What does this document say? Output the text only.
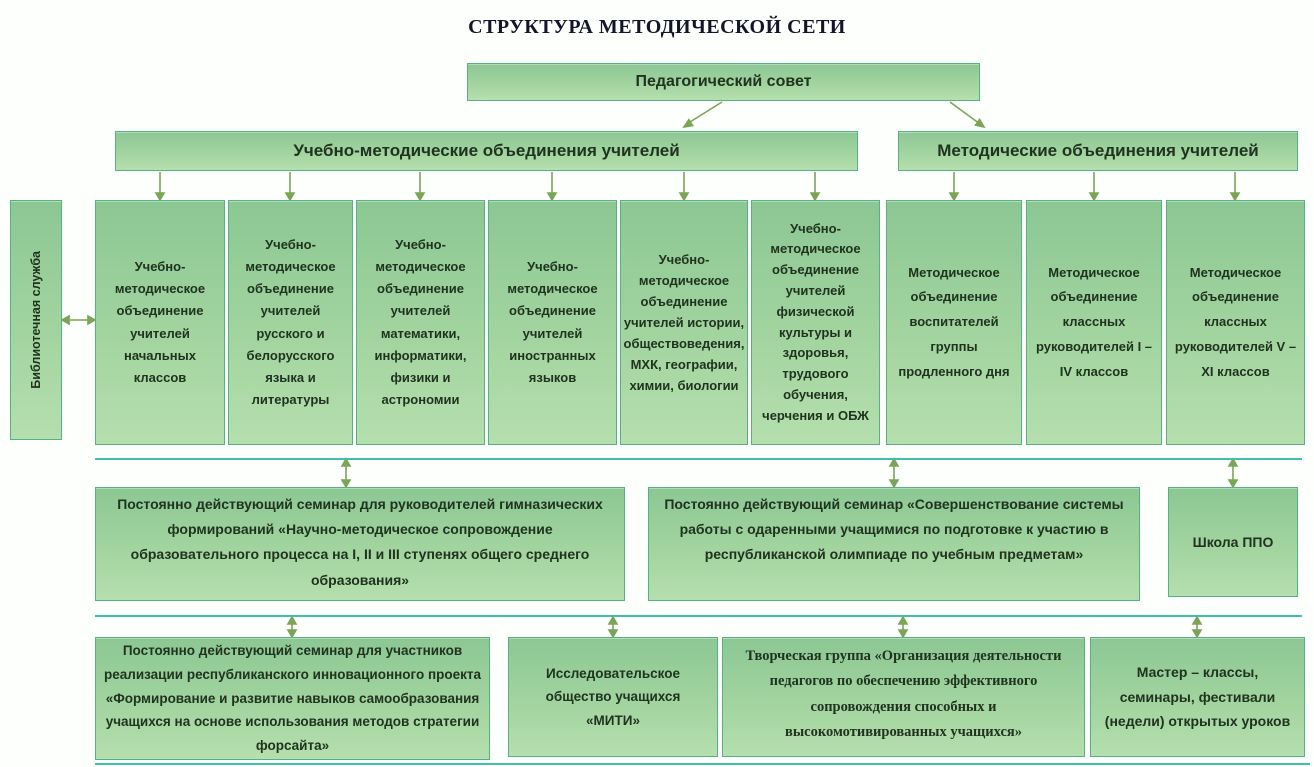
СТРУКТУРА МЕТОДИЧЕСКОЙ СЕТИ
Педагогический совет
Учебно-методические объединения учителей	Методические объединения учителей
Библиотечная служба	Учебно-методическое объединение учителей начальных классов
Учебно-методическое объединение учителей русского и белорусского языка и литературы
Учебно-методическое объединение учителей математики, информатики, физики и астрономии
Учебно-методическое объединение учителей иностранных языков
Учебно-методическое объединение учителей истории, обществоведения, МХК, географии, химии, биологии
Учебно-методическое объединение учителей физической культуры и здоровья, трудового обучения, черчения и ОБЖ
Методическое объединение воспитателей группы продленного дня
Методическое объединение классных руководителей I – IV классов
Методическое объединение классных руководителей V – XI классов
Постоянно действующий семинар для руководителей гимназических формирований «Научно-методическое сопровождение образовательного процесса на I, II и III ступенях общего среднего образования»
Постоянно действующий семинар «Совершенствование системы работы с одаренными учащимися по подготовке к участию в республиканской олимпиаде по учебным предметам»
Школа ППО
Постоянно действующий семинар для участников реализации республиканского инновационного проекта «Формирование и развитие навыков самообразования учащихся на основе использования методов стратегии форсайта»
Исследовательское общество учащихся «МИТИ»
Творческая группа «Организация деятельности педагогов по обеспечению эффективного сопровождения способных и высокомотивированных учащихся»
Мастер – классы, семинары, фестивали (недели) открытых уроков
